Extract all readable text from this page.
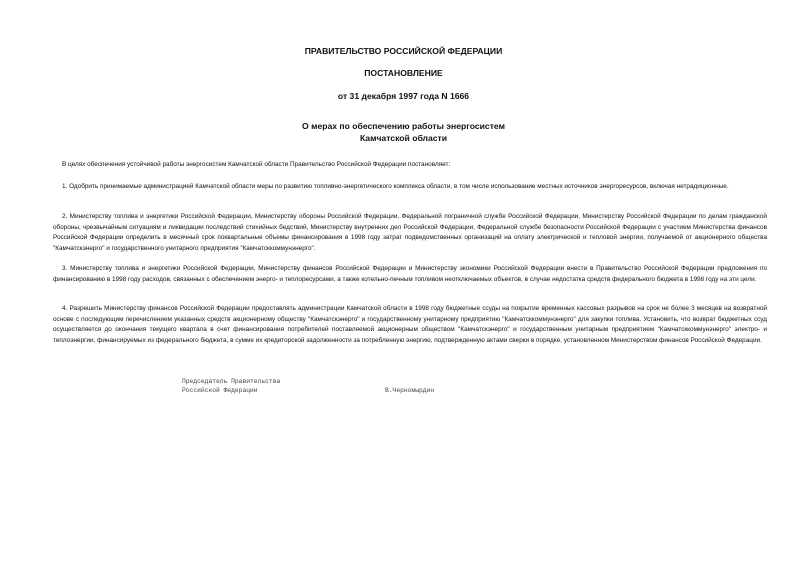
ПРАВИТЕЛЬСТВО РОССИЙСКОЙ ФЕДЕРАЦИИ
ПОСТАНОВЛЕНИЕ
от 31 декабря 1997 года N 1666
О мерах по обеспечению работы энергосистем
Камчатской области

В целях обеспечения устойчивой работы энергосистем Камчатской области Правительство Российской Федерации постановляет:

1. Одобрить принимаемые администрацией Камчатской области меры по развитию топливно-энергетического комплекса области, в том числе использование местных источников энергоресурсов, включая нетрадиционные.

2. Министерству топлива и энергетики Российской Федерации, Министерству обороны Российской Федерации, Федеральной пограничной службе Российской Федерации, Министерству Российской Федерации по делам гражданской обороны, чрезвычайным ситуациям и ликвидации последствий стихийных бедствий, Министерству внутренних дел Российской Федерации, Федеральной службе безопасности Российской Федерации с участием Министерства финансов Российской Федерации определить в месячный срок поквартальные объемы финансирования в 1998 году затрат подведомственных организаций на оплату электрической и тепловой энергии, получаемой от акционерного общества "Камчатскэнерго" и государственного унитарного предприятия "Камчатсккоммунэнерго".

3. Министерству топлива и энергетики Российской Федерации, Министерству финансов Российской Федерации и Министерству экономики Российской Федерации внести в Правительство Российской Федерации предложения по финансированию в 1998 году расходов, связанных с обеспечением энерго- и теплоресурсами, а также котельно-печным топливом неотключаемых объектов, в случае недостатка средств федерального бюджета в 1998 году на эти цели.

4. Разрешить Министерству финансов Российской Федерации предоставлять администрации Камчатской области в 1998 году бюджетные ссуды на покрытие временных кассовых разрывов на срок не более 3 месяцев на возвратной основе с последующим перечислением указанных средств акционерному обществу "Камчатскэнерго" и государственному унитарному предприятию "Камчатсккоммунэнерго" для закупки топлива. Установить, что возврат бюджетных ссуд осуществляется до окончания текущего квартала в счет финансирования потребителей поставляемой акционерным обществом "Камчатскэнерго" и государственным унитарным предприятием "Камчатсккоммунэнерго" электро- и теплоэнергии, финансируемых из федерального бюджета, в сумме их кредиторской задолженности за потребленную энергию, подтвержденную актами сверки в порядке, установленном Министерством финансов Российской Федерации.

Председатель Правительства
Российской Федерации	В.Черномырдин
